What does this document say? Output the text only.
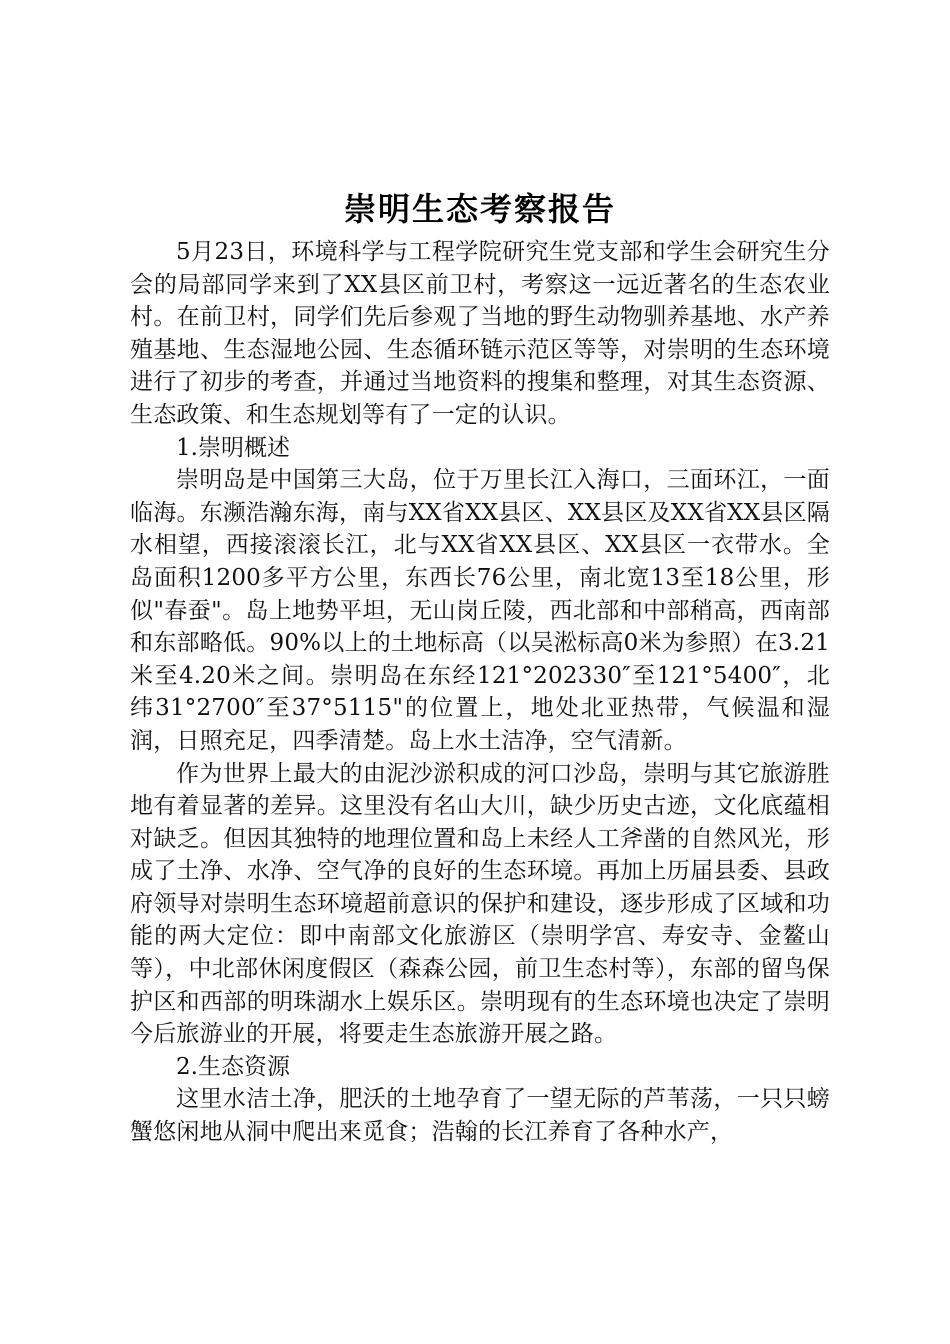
崇明生态考察报告

5月23日，环境科学与工程学院研究生党支部和学生会研究生分会的局部同学来到了XX县区前卫村，考察这一远近著名的生态农业村。在前卫村，同学们先后参观了当地的野生动物驯养基地、水产养殖基地、生态湿地公园、生态循环链示范区等等，对崇明的生态环境进行了初步的考查，并通过当地资料的搜集和整理，对其生态资源、生态政策、和生态规划等有了一定的认识。

1.崇明概述

崇明岛是中国第三大岛，位于万里长江入海口，三面环江，一面临海。东濒浩瀚东海，南与XX省XX县区、XX县区及XX省XX县区隔水相望，西接滚滚长江，北与XX省XX县区、XX县区一衣带水。全岛面积1200多平方公里，东西长76公里，南北宽13至18公里，形似"春蚕"。岛上地势平坦，无山岗丘陵，西北部和中部稍高，西南部和东部略低。90%以上的土地标高（以吴淞标高0米为参照）在3.21米至4.20米之间。崇明岛在东经121°202330″至121°5400″，北纬31°2700″至37°5115"的位置上，地处北亚热带，气候温和湿润，日照充足，四季清楚。岛上水土洁净，空气清新。

作为世界上最大的由泥沙淤积成的河口沙岛，崇明与其它旅游胜地有着显著的差异。这里没有名山大川，缺少历史古迹，文化底蕴相对缺乏。但因其独特的地理位置和岛上未经人工斧凿的自然风光，形成了土净、水净、空气净的良好的生态环境。再加上历届县委、县政府领导对崇明生态环境超前意识的保护和建设，逐步形成了区域和功能的两大定位：即中南部文化旅游区（崇明学宫、寿安寺、金鳌山等），中北部休闲度假区（森森公园，前卫生态村等），东部的留鸟保护区和西部的明珠湖水上娱乐区。崇明现有的生态环境也决定了崇明今后旅游业的开展，将要走生态旅游开展之路。

2.生态资源

这里水洁土净，肥沃的土地孕育了一望无际的芦苇荡，一只只螃蟹悠闲地从洞中爬出来觅食；浩翰的长江养育了各种水产，
